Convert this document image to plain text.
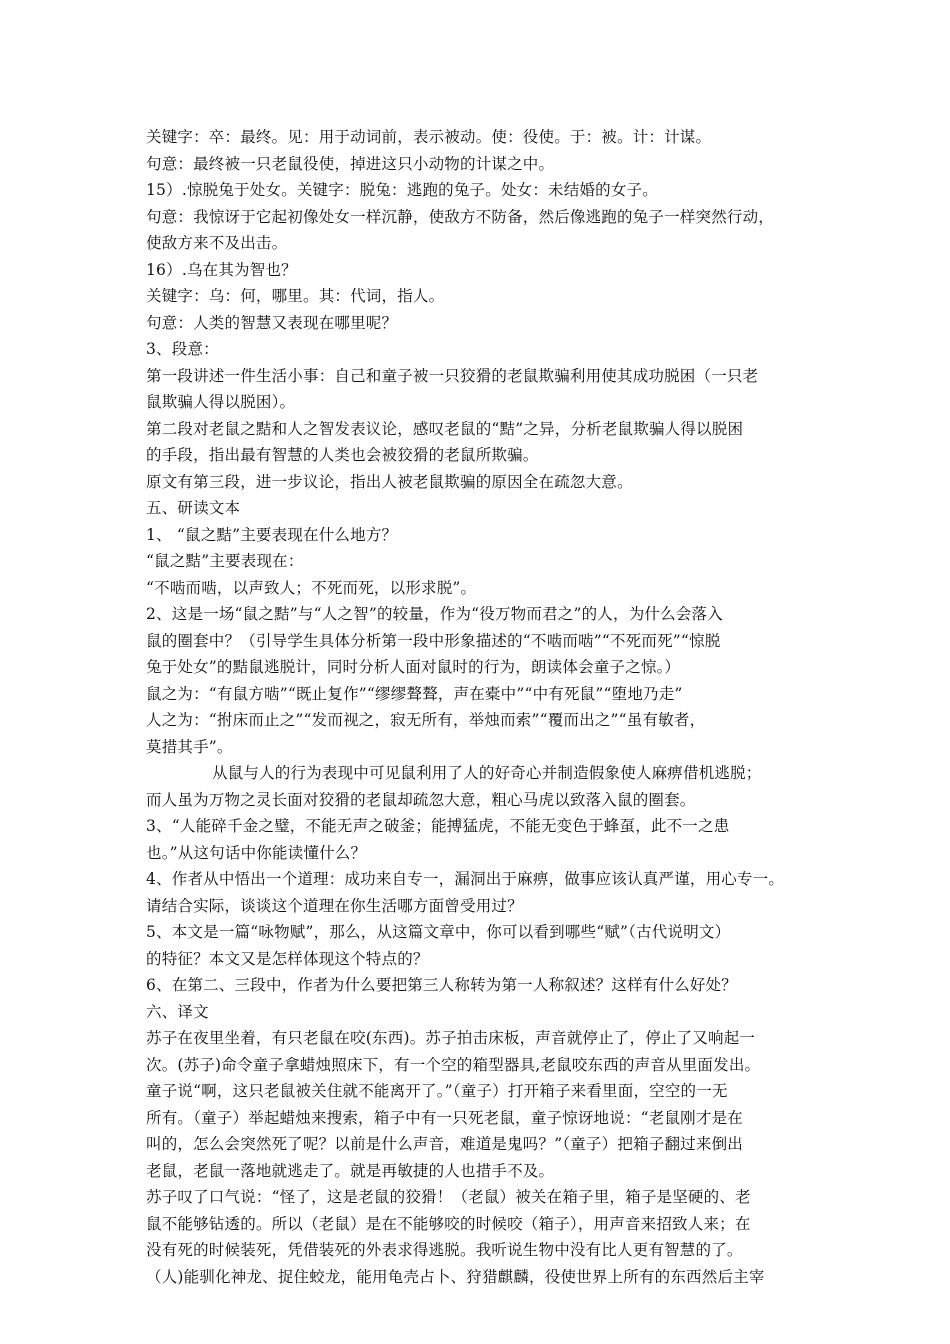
关键字：卒：最终。见：用于动词前，表示被动。使：役使。于：被。计：计谋。
句意：最终被一只老鼠役使，掉进这只小动物的计谋之中。
15）.惊脱兔于处女。关键字：脱兔：逃跑的兔子。处女：未结婚的女子。
句意：我惊讶于它起初像处女一样沉静，使敌方不防备，然后像逃跑的兔子一样突然行动，
使敌方来不及出击。
16）.乌在其为智也？
关键字：乌：何，哪里。其：代词，指人。
句意：人类的智慧又表现在哪里呢？
3、段意：
第一段讲述一件生活小事：自己和童子被一只狡猾的老鼠欺骗利用使其成功脱困（一只老
鼠欺骗人得以脱困）。
第二段对老鼠之黠和人之智发表议论，感叹老鼠的“黠”之异，分析老鼠欺骗人得以脱困
的手段，指出最有智慧的人类也会被狡猾的老鼠所欺骗。
原文有第三段，进一步议论，指出人被老鼠欺骗的原因全在疏忽大意。
五、研读文本
1、 “鼠之黠”主要表现在什么地方？
“鼠之黠”主要表现在：
“不啮而啮，以声致人；不死而死，以形求脱”。
2、这是一场“鼠之黠”与“人之智”的较量，作为“役万物而君之”的人，为什么会落入
鼠的圈套中？（引导学生具体分析第一段中形象描述的“不啮而啮”“不死而死”“惊脱
兔于处女”的黠鼠逃脱计，同时分析人面对鼠时的行为，朗读体会童子之惊。）
鼠之为：“有鼠方啮”“既止复作”“缪缪聱聱，声在橐中”“中有死鼠”“堕地乃走”
人之为：“拊床而止之”“发而视之，寂无所有，举烛而索”“覆而出之”“虽有敏者，
莫措其手”。
从鼠与人的行为表现中可见鼠利用了人的好奇心并制造假象使人麻痹借机逃脱；
而人虽为万物之灵长面对狡猾的老鼠却疏忽大意，粗心马虎以致落入鼠的圈套。
3、“人能碎千金之璧，不能无声之破釜；能搏猛虎，不能无变色于蜂虿，此不一之患
也。”从这句话中你能读懂什么？
4、作者从中悟出一个道理：成功来自专一，漏洞出于麻痹，做事应该认真严谨，用心专一。
请结合实际，谈谈这个道理在你生活哪方面曾受用过？
5、本文是一篇“咏物赋”，那么，从这篇文章中，你可以看到哪些“赋”（古代说明文）
的特征？本文又是怎样体现这个特点的？
6、在第二、三段中，作者为什么要把第三人称转为第一人称叙述？这样有什么好处？
六、译文
苏子在夜里坐着，有只老鼠在咬(东西)。苏子拍击床板，声音就停止了，停止了又响起一
次。(苏子)命令童子拿蜡烛照床下，有一个空的箱型器具,老鼠咬东西的声音从里面发出。
童子说“啊，这只老鼠被关住就不能离开了。”（童子）打开箱子来看里面，空空的一无
所有。（童子）举起蜡烛来搜索，箱子中有一只死老鼠，童子惊讶地说：“老鼠刚才是在
叫的，怎么会突然死了呢？以前是什么声音，难道是鬼吗？”（童子）把箱子翻过来倒出
老鼠，老鼠一落地就逃走了。就是再敏捷的人也措手不及。
苏子叹了口气说：“怪了，这是老鼠的狡猾！（老鼠）被关在箱子里，箱子是坚硬的、老
鼠不能够钻透的。所以（老鼠）是在不能够咬的时候咬（箱子），用声音来招致人来；在
没有死的时候装死，凭借装死的外表求得逃脱。我听说生物中没有比人更有智慧的了。
（人)能驯化神龙、捉住蛟龙，能用龟壳占卜、狩猎麒麟，役使世界上所有的东西然后主宰
